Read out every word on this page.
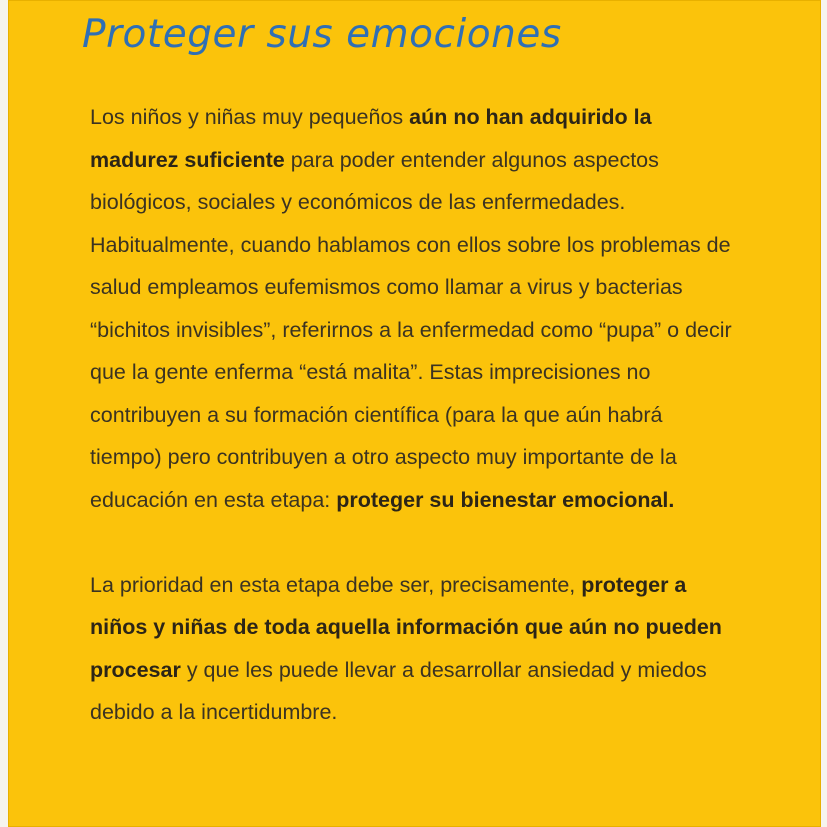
Proteger sus emociones

Los niños y niñas muy pequeños aún no han adquirido la madurez suficiente para poder entender algunos aspectos biológicos, sociales y económicos de las enfermedades. Habitualmente, cuando hablamos con ellos sobre los problemas de salud empleamos eufemismos como llamar a virus y bacterias “bichitos invisibles”, referirnos a la enfermedad como “pupa” o decir que la gente enferma “está malita”. Estas imprecisiones no contribuyen a su formación científica (para la que aún habrá tiempo) pero contribuyen a otro aspecto muy importante de la educación en esta etapa: proteger su bienestar emocional.

La prioridad en esta etapa debe ser, precisamente, proteger a niños y niñas de toda aquella información que aún no pueden procesar y que les puede llevar a desarrollar ansiedad y miedos debido a la incertidumbre.
